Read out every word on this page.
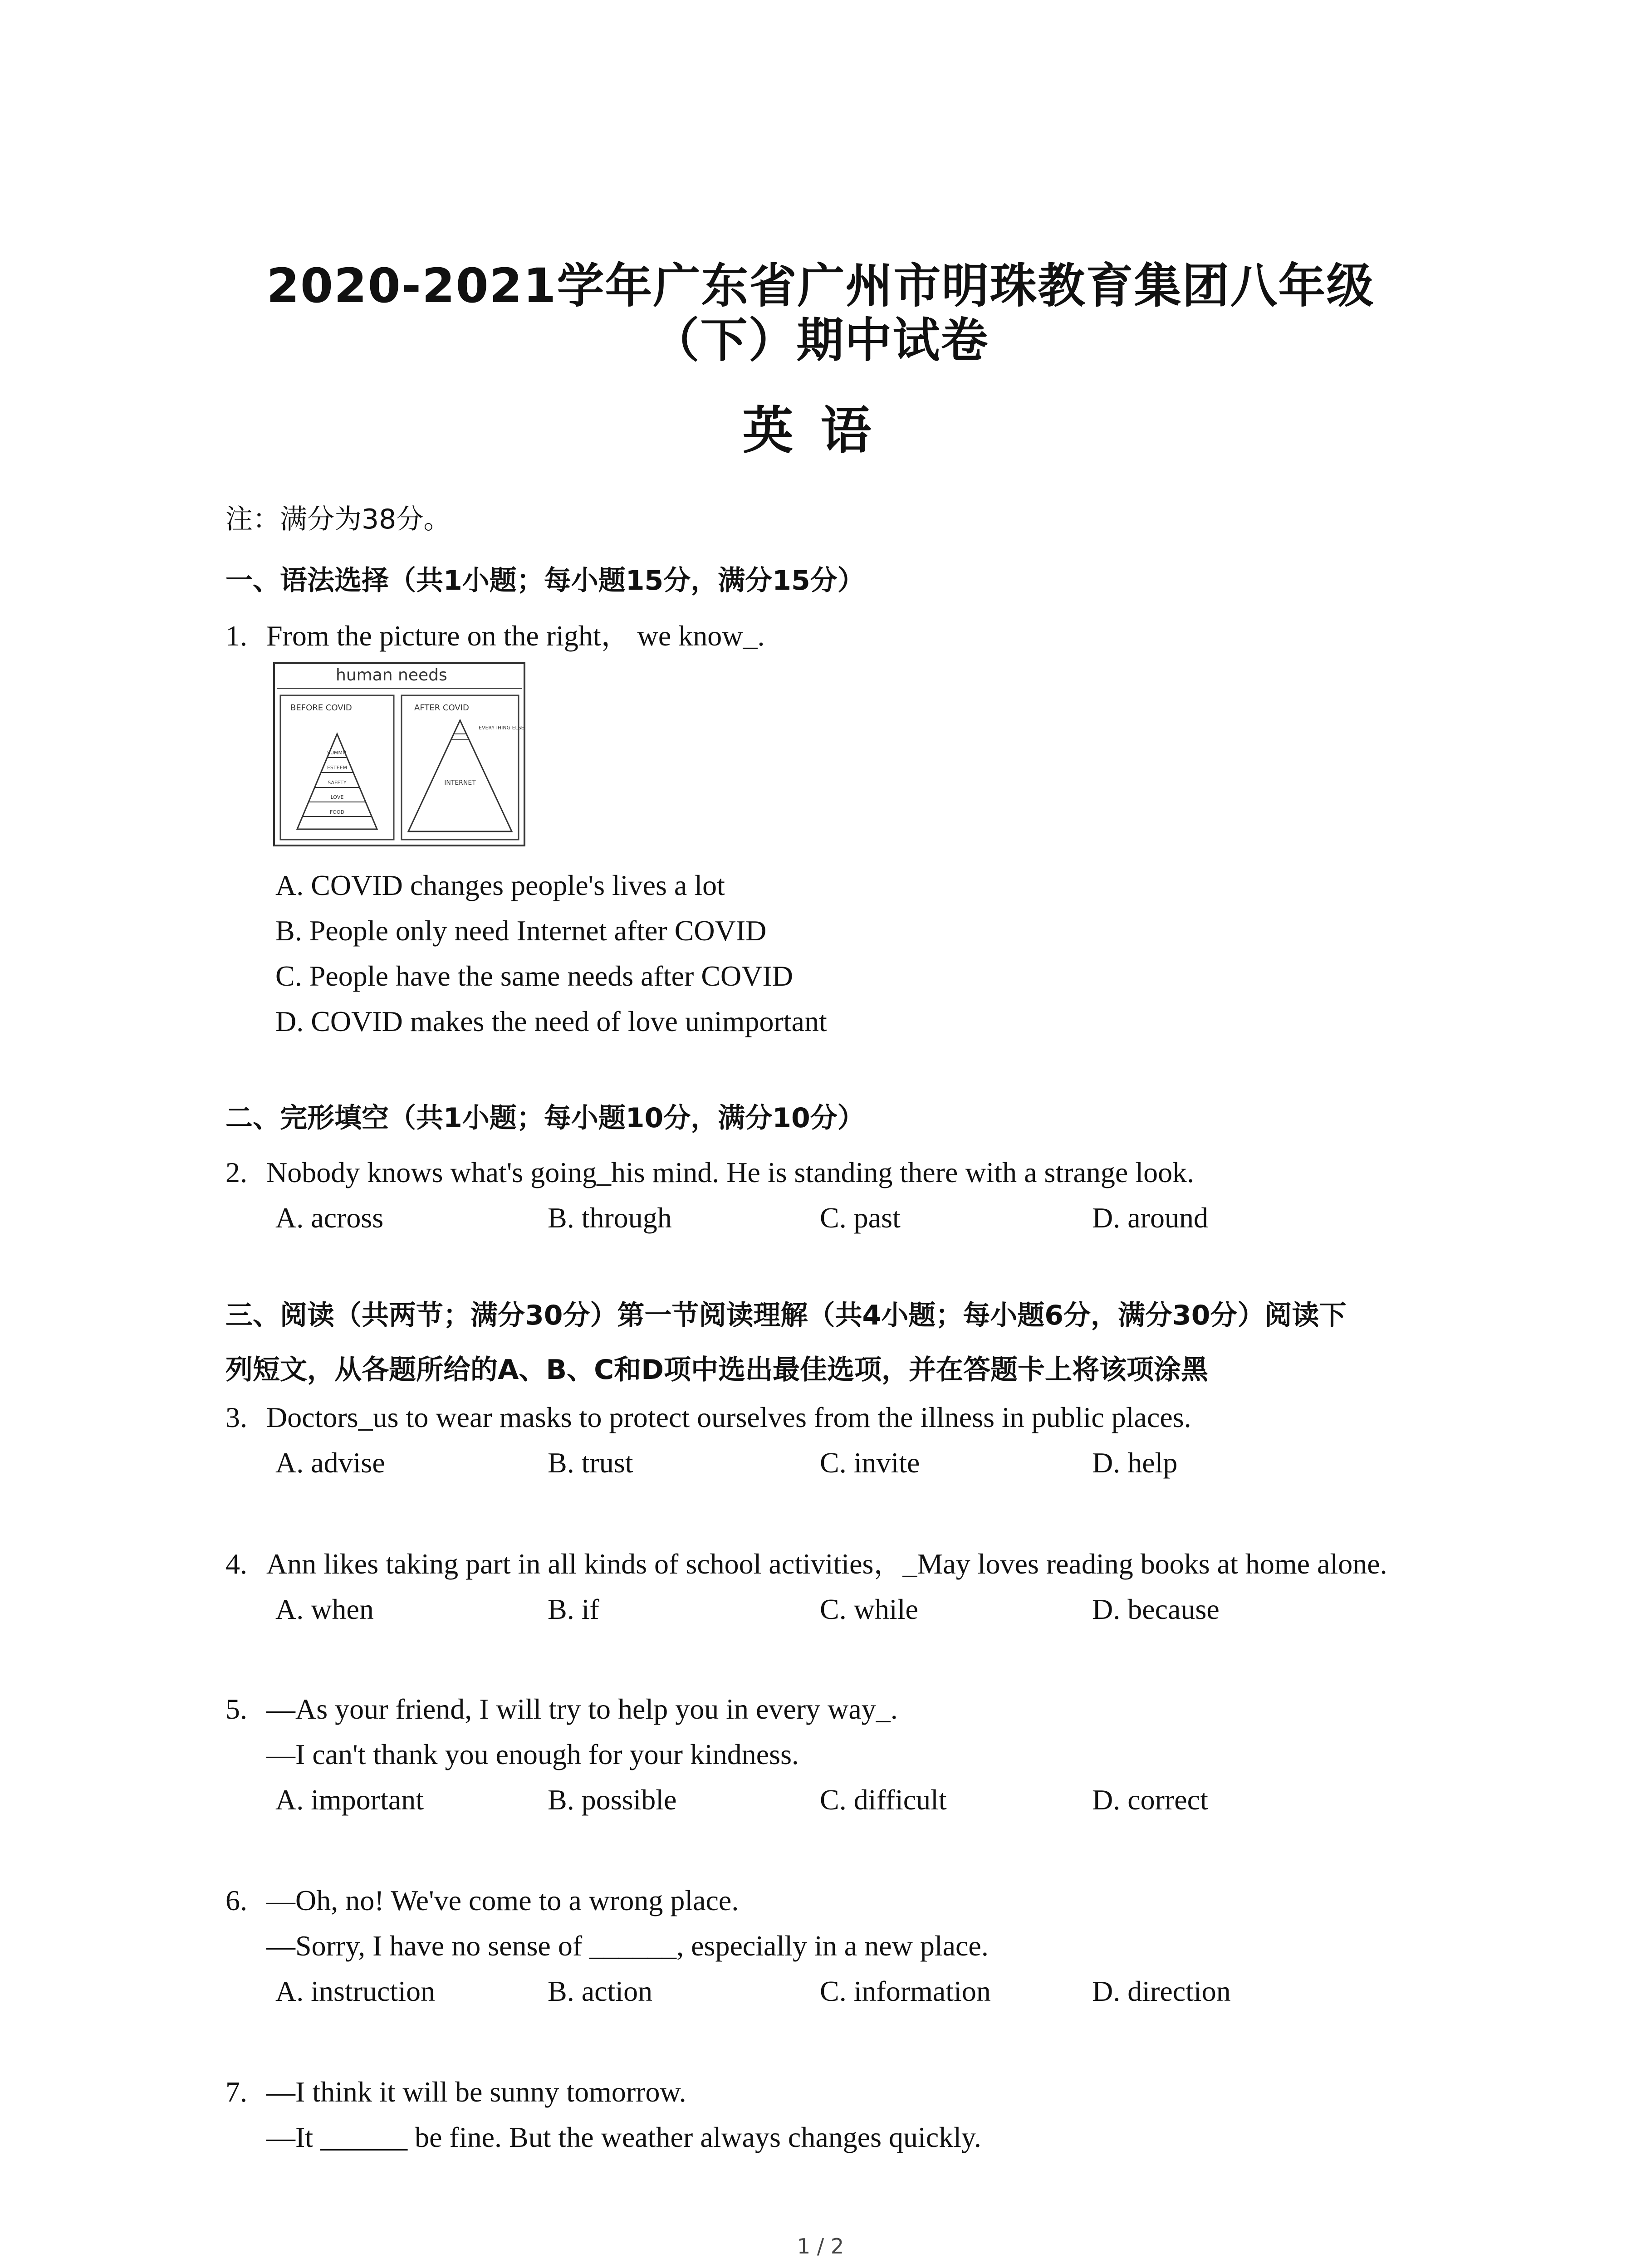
2020-2021学年广东省广州市明珠教育集团八年级
（下）期中试卷
英语
注：满分为38分。
一、语法选择（共1小题；每小题15分，满分15分）
1. From the picture on the right， we know_.
human needs
BEFORE COVID
SUMMIT
ESTEEM
SAFETY
LOVE
FOOD
AFTER COVID
EVERYTHING ELSE
INTERNET
A. COVID changes people's lives a lot
B. People only need Internet after COVID
C. People have the same needs after COVID
D. COVID makes the need of love unimportant
二、完形填空（共1小题；每小题10分，满分10分）
2. Nobody knows what's going_his mind. He is standing there with a strange look.
A. across	B. through	C. past	D. around
三、阅读（共两节；满分30分）第一节阅读理解（共4小题；每小题6分，满分30分）阅读下
列短文，从各题所给的A、B、C和D项中选出最佳选项，并在答题卡上将该项涂黑
3. Doctors_us to wear masks to protect ourselves from the illness in public places.
A. advise	B. trust	C. invite	D. help
4. Ann likes taking part in all kinds of school activities，_May loves reading books at home alone.
A. when	B. if	C. while	D. because
5. —As your friend, I will try to help you in every way_.
—I can't thank you enough for your kindness.
A. important	B. possible	C. difficult	D. correct
6. —Oh, no! We've come to a wrong place.
—Sorry, I have no sense of ______, especially in a new place.
A. instruction	B. action	C. information	D. direction
7. —I think it will be sunny tomorrow.
—It ______ be fine. But the weather always changes quickly.
1 / 2
